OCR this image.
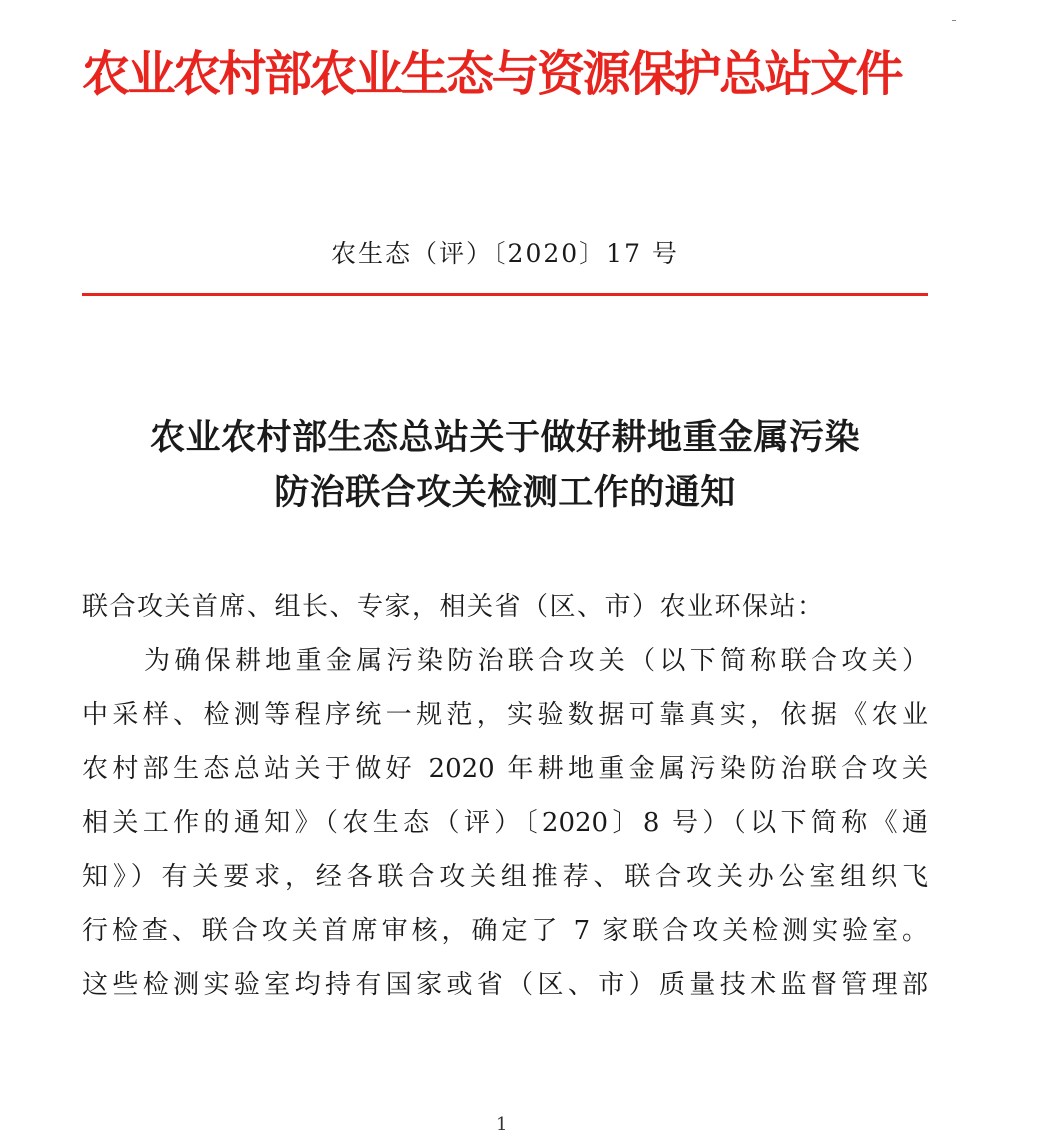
农业农村部农业生态与资源保护总站文件
农生态（评）〔2020〕17 号
农业农村部生态总站关于做好耕地重金属污染
防治联合攻关检测工作的通知
联合攻关首席、组长、专家，相关省（区、市）农业环保站：
为确保耕地重金属污染防治联合攻关（以下简称联合攻关）
中采样、检测等程序统一规范，实验数据可靠真实，依据《农业
农村部生态总站关于做好 2020 年耕地重金属污染防治联合攻关
相关工作的通知》（农生态（评）〔2020〕8 号）（以下简称《通
知》）有关要求，经各联合攻关组推荐、联合攻关办公室组织飞
行检查、联合攻关首席审核，确定了 7 家联合攻关检测实验室。
这些检测实验室均持有国家或省（区、市）质量技术监督管理部
1
